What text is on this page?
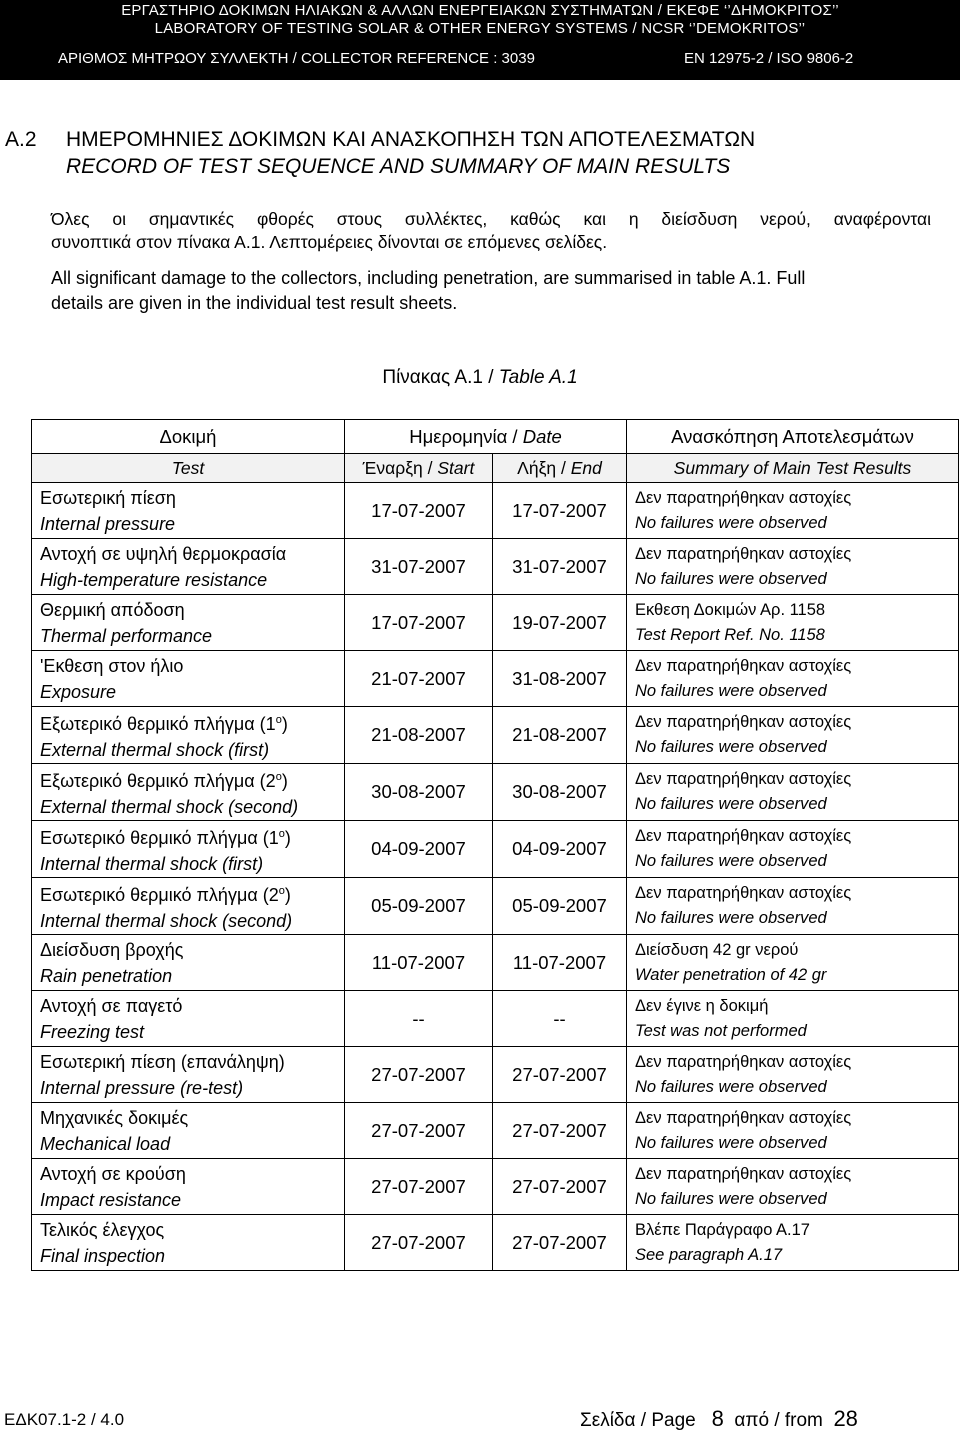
ΕΡΓΑΣΤΗΡΙΟ ΔΟΚΙΜΩΝ ΗΛΙΑΚΩΝ & ΑΛΛΩΝ ΕΝΕΡΓΕΙΑΚΩΝ ΣΥΣΤΗΜΑΤΩΝ / ΕΚΕΦΕ ‘’ΔΗΜΟΚΡΙΤΟΣ’’
LABORATORY OF TESTING SOLAR & OTHER ENERGY SYSTEMS / NCSR ‘’DEMOKRITOS’’
ΑΡΙΘΜΟΣ ΜΗΤΡΩΟΥ ΣΥΛΛΕΚΤΗ / COLLECTOR REFERENCE : 3039	EN 12975-2 / ISO 9806-2
A.2 ΗΜΕΡΟΜΗΝΙΕΣ ΔΟΚΙΜΩΝ ΚΑΙ ΑΝΑΣΚΟΠΗΣΗ ΤΩΝ ΑΠΟΤΕΛΕΣΜΑΤΩΝ
RECORD OF TEST SEQUENCE AND SUMMARY OF MAIN RESULTS
Όλες οι σημαντικές φθορές στους συλλέκτες, καθώς και η διείσδυση νερού, αναφέρονται
συνοπτικά στον πίνακα Α.1. Λεπτομέρειες δίνονται σε επόμενες σελίδες.
All significant damage to the collectors, including penetration, are summarised in table A.1. Full
details are given in the individual test result sheets.
Πίνακας Α.1 / Table A.1
Δοκιμή	Ημερομηνία / Date		Ανασκόπηση Αποτελεσμάτων
Test	Έναρξη / Start	Λήξη / End	Summary of Main Test Results

Εσωτερική πίεση
Internal pressure	17-07-2007	17-07-2007	Δεν παρατηρήθηκαν αστοχίες
No failures were observed

Αντοχή σε υψηλή θερμοκρασία
High-temperature resistance	31-07-2007	31-07-2007	Δεν παρατηρήθηκαν αστοχίες
No failures were observed

Θερμική απόδοση
Thermal performance	17-07-2007	19-07-2007	Εκθεση Δοκιμών Αρ. 1158
Test Report Ref. No. 1158

'Εκθεση στον ήλιο
Exposure	21-07-2007	31-08-2007	Δεν παρατηρήθηκαν αστοχίες
No failures were observed

Εξωτερικό θερμικό πλήγμα $(1^o)$
External thermal shock (first)	21-08-2007	21-08-2007	Δεν παρατηρήθηκαν αστοχίες
No failures were observed

Εξωτερικό θερμικό πλήγμα $(2^o)$
External thermal shock (second)	30-08-2007	30-08-2007	Δεν παρατηρήθηκαν αστοχίες
No failures were observed

Εσωτερικό θερμικό πλήγμα $(1^o)$
Internal thermal shock (first)	04-09-2007	04-09-2007	Δεν παρατηρήθηκαν αστοχίες
No failures were observed

Εσωτερικό θερμικό πλήγμα $(2^o)$
Internal thermal shock (second)	05-09-2007	05-09-2007	Δεν παρατηρήθηκαν αστοχίες
No failures were observed

Διείσδυση βροχής
Rain penetration	11-07-2007	11-07-2007	Διείσδυση 42 gr νερού
Water penetration of 42 gr

Αντοχή σε παγετό
Freezing test	--	--	Δεν έγινε η δοκιμή
Test was not performed

Εσωτερική πίεση (επανάληψη)
Internal pressure (re-test)	27-07-2007	27-07-2007	Δεν παρατηρήθηκαν αστοχίες
No failures were observed

Μηχανικές δοκιμές
Mechanical load	27-07-2007	27-07-2007	Δεν παρατηρήθηκαν αστοχίες
No failures were observed

Αντοχή σε κρούση
Impact resistance	27-07-2007	27-07-2007	Δεν παρατηρήθηκαν αστοχίες
No failures were observed

Τελικός έλεγχος
Final inspection	27-07-2007	27-07-2007	Βλέπε Παράγραφο Α.17
See paragraph A.17
ΕΔΚ07.1-2 / 4.0	Σελίδα / Page 8 από / from 28
